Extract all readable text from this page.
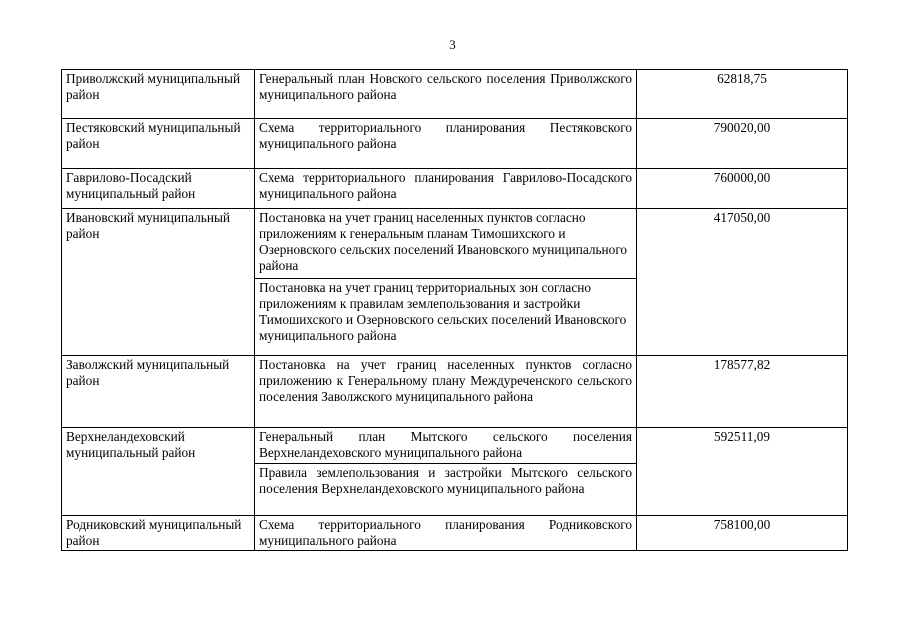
3
Приволжский муниципальный район	Генеральный план Новского сельского поселения Приволжского муниципального района	62818,75
Пестяковский муниципальный район	Схема территориального планирования Пестяковского муниципального района	790020,00
Гаврилово-Посадский муниципальный район	Схема территориального планирования Гаврилово-Посадского муниципального района	760000,00
Ивановский муниципальный район	Постановка на учет границ населенных пунктов согласно приложениям к генеральным планам Тимошихского и Озерновского сельских поселений Ивановского муниципального района	417050,00
	Постановка на учет границ территориальных зон согласно приложениям к правилам землепользования и застройки Тимошихского и Озерновского сельских поселений Ивановского муниципального района	
Заволжский муниципальный район	Постановка на учет границ населенных пунктов согласно приложению к Генеральному плану Междуреченского сельского поселения Заволжского муниципального района	178577,82
Верхнеландеховский муниципальный район	Генеральный план Мытского сельского поселения Верхнеландеховского муниципального района	592511,09
	Правила землепользования и застройки Мытского сельского поселения Верхнеландеховского муниципального района	
Родниковский муниципальный район	Схема территориального планирования Родниковского муниципального района	758100,00
